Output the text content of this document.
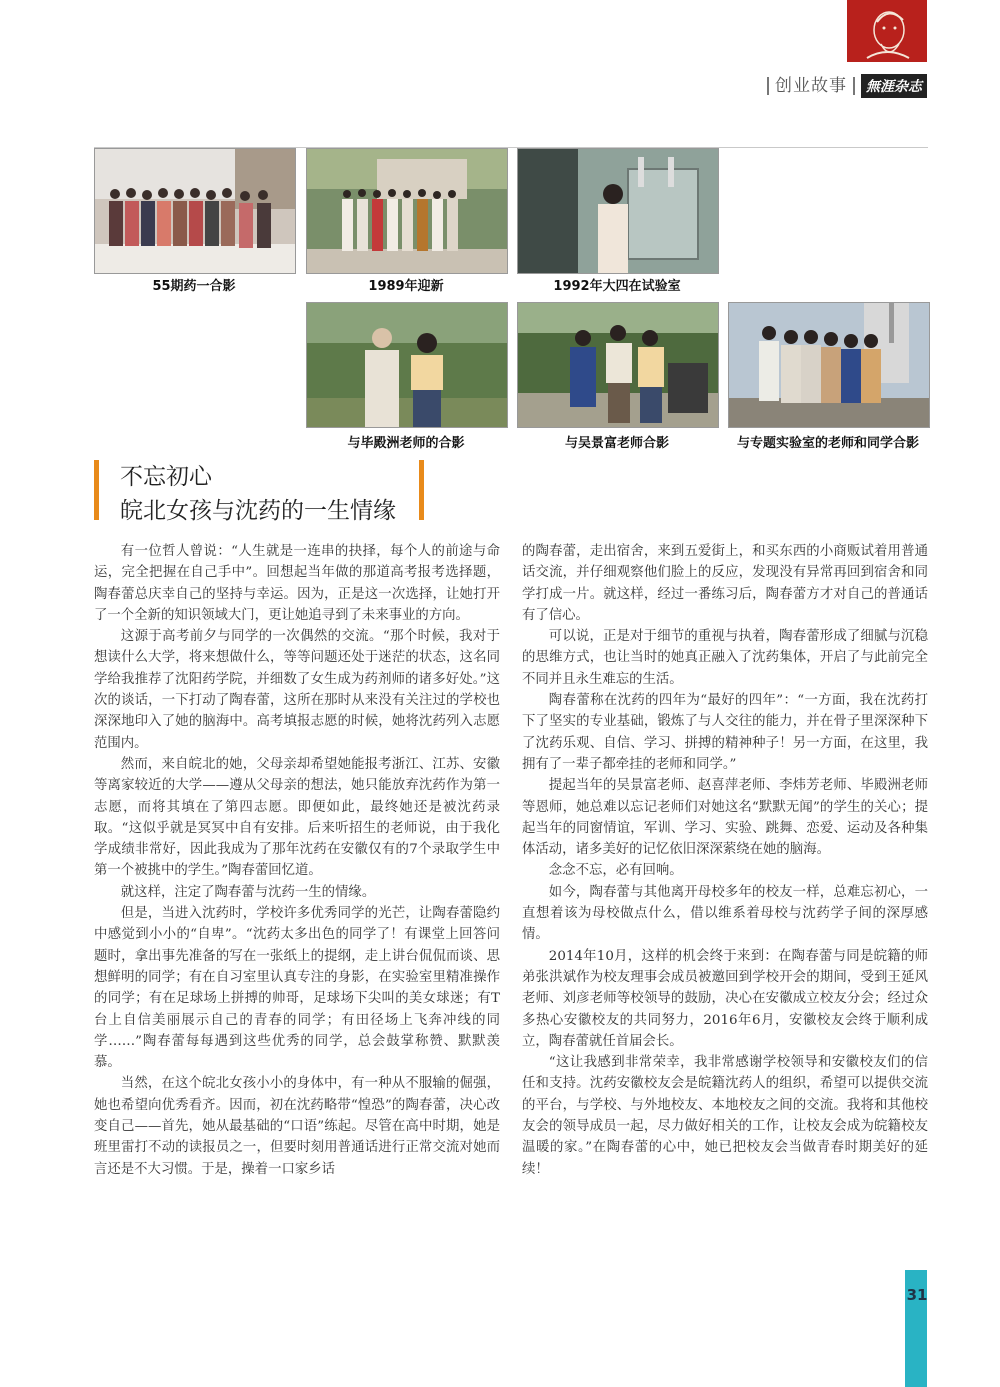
创业故事	無涯杂志
55期药一合影	1989年迎新	1992年大四在试验室
与毕殿洲老师的合影	与吴景富老师合影	与专题实验室的老师和同学合影
不忘初心
皖北女孩与沈药的一生情缘

有一位哲人曾说：“人生就是一连串的抉择，每个人的前途与命运，完全把握在自己手中”。回想起当年做的那道高考报考选择题，陶春蕾总庆幸自己的坚持与幸运。因为，正是这一次选择，让她打开了一个全新的知识领域大门，更让她追寻到了未来事业的方向。

这源于高考前夕与同学的一次偶然的交流。“那个时候，我对于想读什么大学，将来想做什么，等等问题还处于迷茫的状态，这名同学给我推荐了沈阳药学院，并细数了女生成为药剂师的诸多好处。”这次的谈话，一下打动了陶春蕾，这所在那时从来没有关注过的学校也深深地印入了她的脑海中。高考填报志愿的时候，她将沈药列入志愿范围内。

然而，来自皖北的她，父母亲却希望她能报考浙江、江苏、安徽等离家较近的大学——遵从父母亲的想法，她只能放弃沈药作为第一志愿，而将其填在了第四志愿。即便如此，最终她还是被沈药录取。“这似乎就是冥冥中自有安排。后来听招生的老师说，由于我化学成绩非常好，因此我成为了那年沈药在安徽仅有的7个录取学生中第一个被挑中的学生。”陶春蕾回忆道。

就这样，注定了陶春蕾与沈药一生的情缘。

但是，当进入沈药时，学校许多优秀同学的光芒，让陶春蕾隐约中感觉到小小的“自卑”。“沈药太多出色的同学了！有课堂上回答问题时，拿出事先准备的写在一张纸上的提纲，走上讲台侃侃而谈、思想鲜明的同学；有在自习室里认真专注的身影，在实验室里精准操作的同学；有在足球场上拼搏的帅哥，足球场下尖叫的美女球迷；有T台上自信美丽展示自己的青春的同学；有田径场上飞奔冲线的同学……”陶春蕾每每遇到这些优秀的同学，总会鼓掌称赞、默默羡慕。

当然，在这个皖北女孩小小的身体中，有一种从不服输的倔强，她也希望向优秀看齐。因而，初在沈药略带“惶恐”的陶春蕾，决心改变自己——首先，她从最基础的“口语”练起。尽管在高中时期，她是班里雷打不动的读报员之一，但要时刻用普通话进行正常交流对她而言还是不大习惯。于是，操着一口家乡话

的陶春蕾，走出宿舍，来到五爱街上，和买东西的小商贩试着用普通话交流，并仔细观察他们脸上的反应，发现没有异常再回到宿舍和同学打成一片。就这样，经过一番练习后，陶春蕾方才对自己的普通话有了信心。

可以说，正是对于细节的重视与执着，陶春蕾形成了细腻与沉稳的思维方式，也让当时的她真正融入了沈药集体，开启了与此前完全不同并且永生难忘的生活。

陶春蕾称在沈药的四年为“最好的四年”：“一方面，我在沈药打下了坚实的专业基础，锻炼了与人交往的能力，并在骨子里深深种下了沈药乐观、自信、学习、拼搏的精神种子！另一方面，在这里，我拥有了一辈子都牵挂的老师和同学。”

提起当年的吴景富老师、赵喜萍老师、李炜芳老师、毕殿洲老师等恩师，她总难以忘记老师们对她这名“默默无闻”的学生的关心；提起当年的同窗情谊，军训、学习、实验、跳舞、恋爱、运动及各种集体活动，诸多美好的记忆依旧深深萦绕在她的脑海。

念念不忘，必有回响。

如今，陶春蕾与其他离开母校多年的校友一样，总难忘初心，一直想着该为母校做点什么，借以维系着母校与沈药学子间的深厚感情。

2014年10月，这样的机会终于来到：在陶春蕾与同是皖籍的师弟张洪斌作为校友理事会成员被邀回到学校开会的期间，受到王延风老师、刘彦老师等校领导的鼓励，决心在安徽成立校友分会；经过众多热心安徽校友的共同努力，2016年6月，安徽校友会终于顺利成立，陶春蕾就任首届会长。

“这让我感到非常荣幸，我非常感谢学校领导和安徽校友们的信任和支持。沈药安徽校友会是皖籍沈药人的组织，希望可以提供交流的平台，与学校、与外地校友、本地校友之间的交流。我将和其他校友会的领导成员一起，尽力做好相关的工作，让校友会成为皖籍校友温暖的家。”在陶春蕾的心中，她已把校友会当做青春时期美好的延续！

31
